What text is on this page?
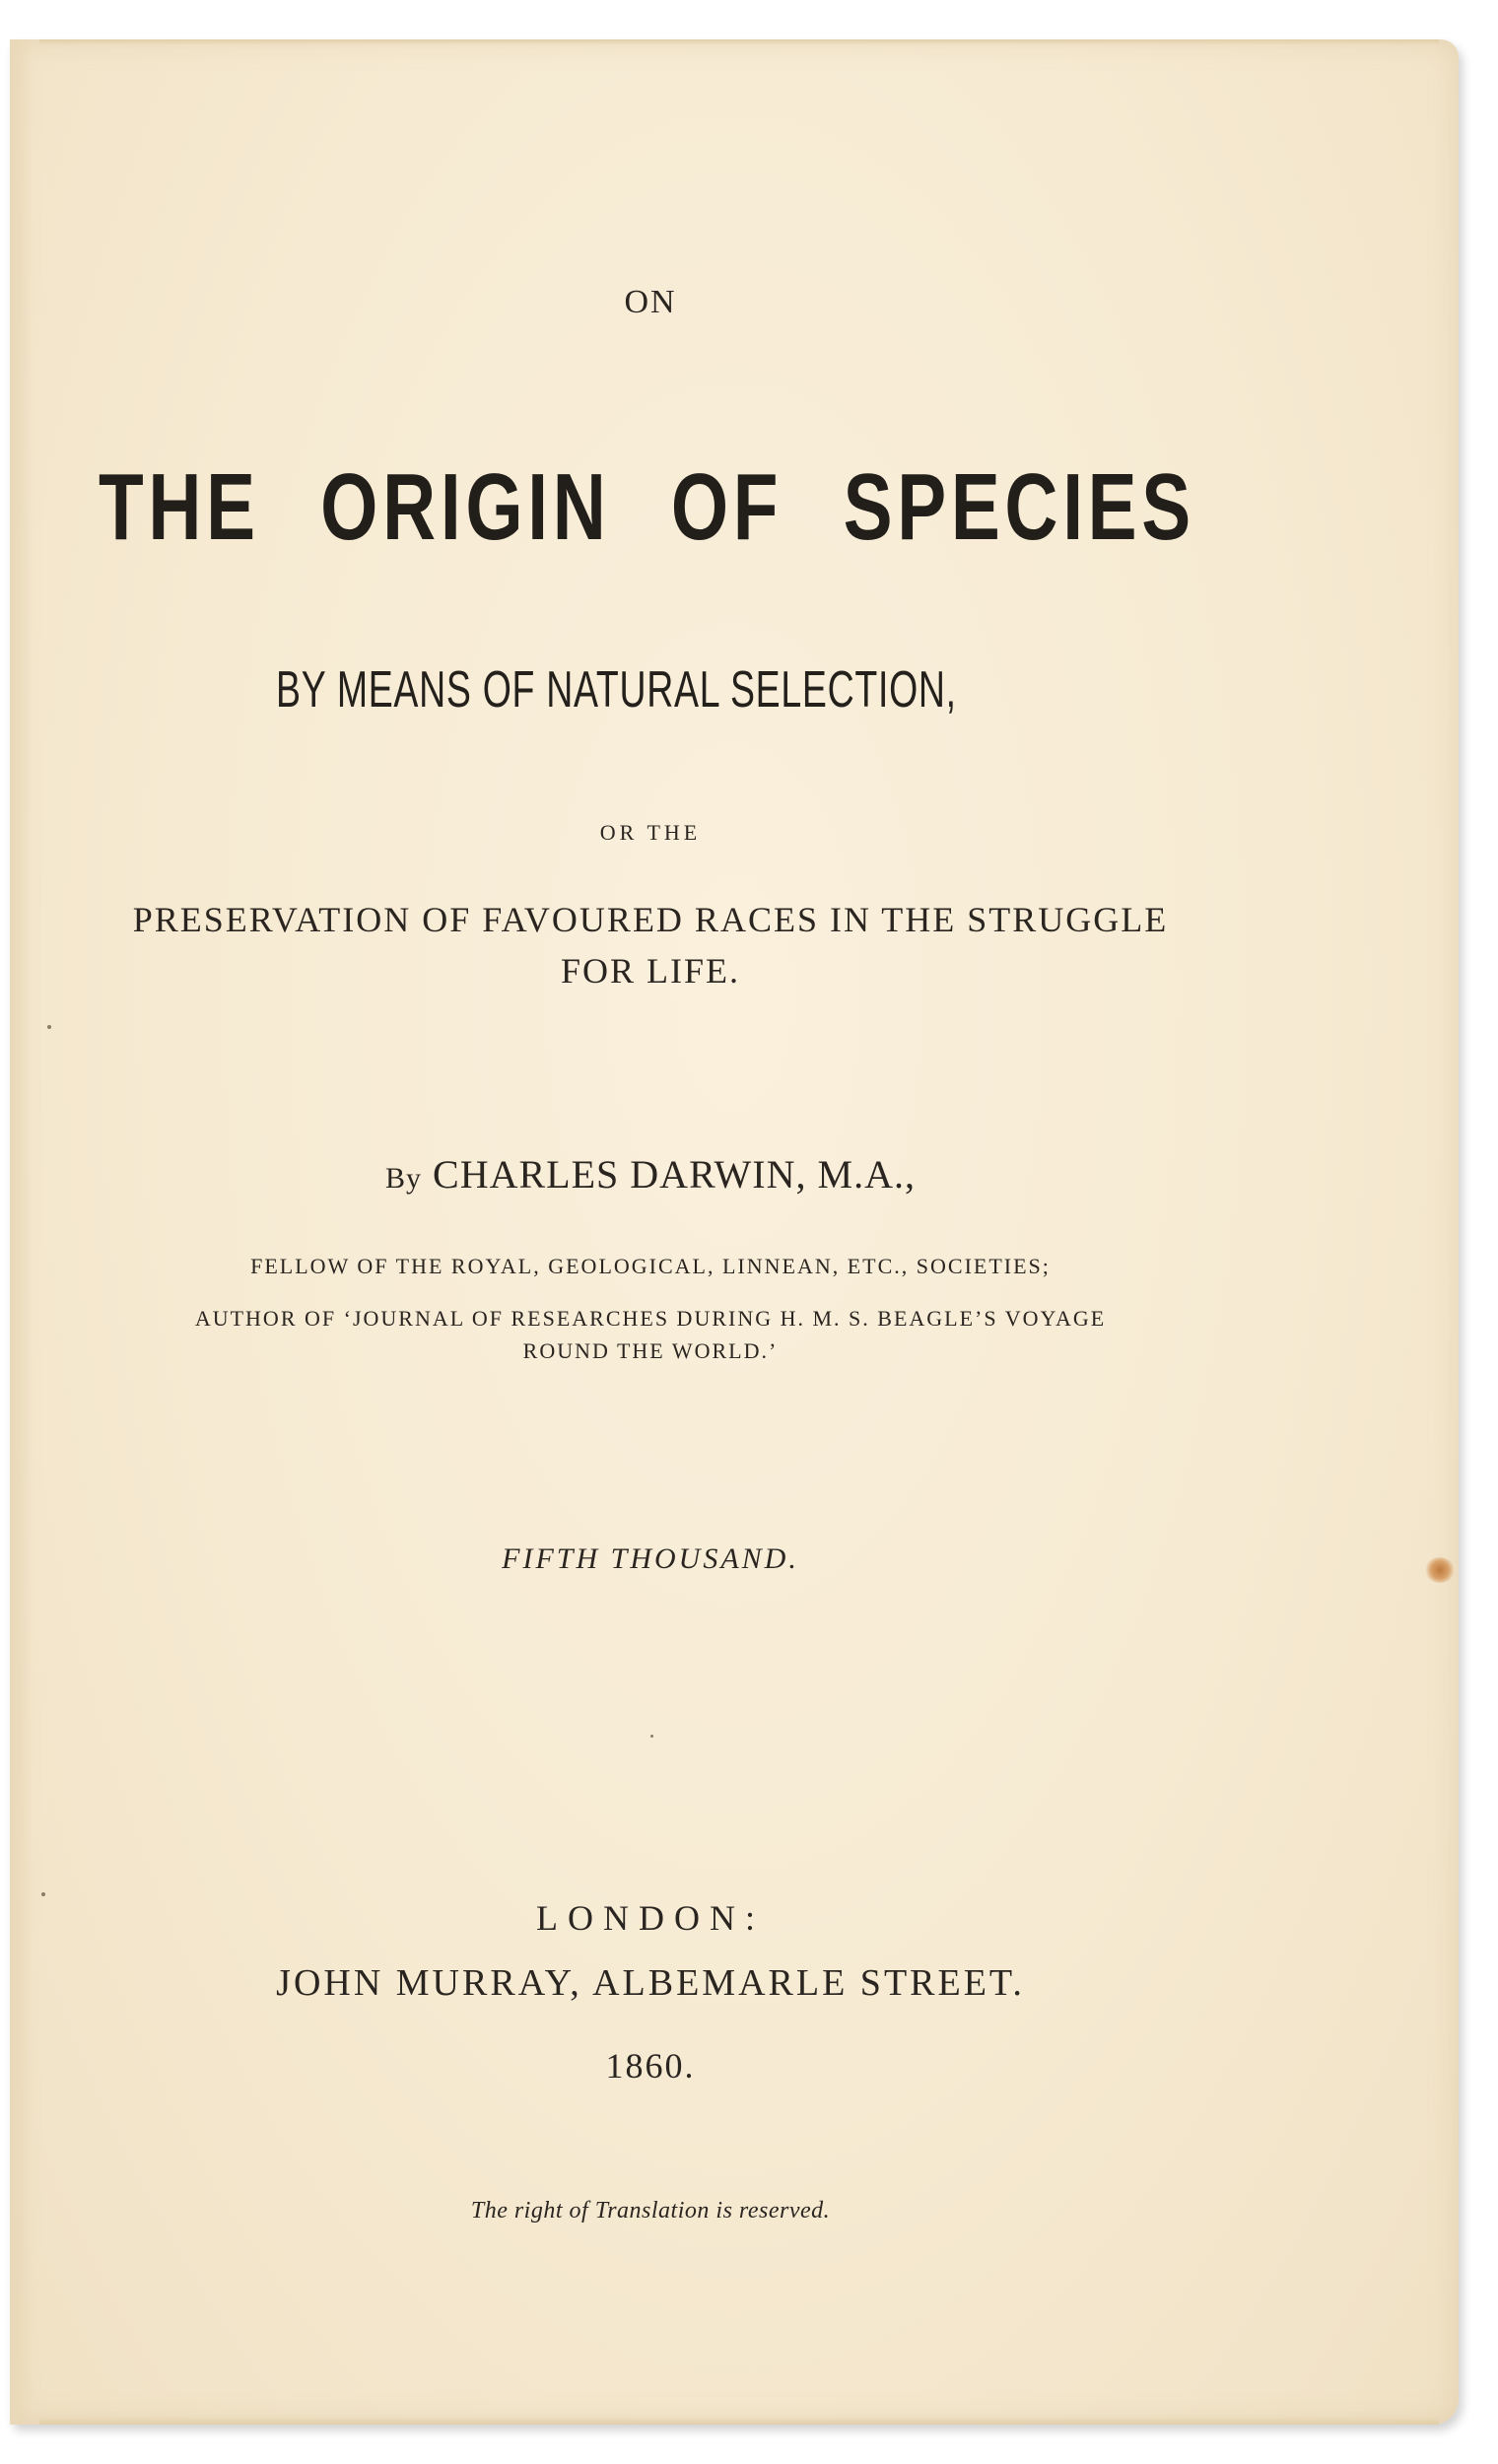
ON
THE ORIGIN OF SPECIES
BY MEANS OF NATURAL SELECTION,
OR THE
PRESERVATION OF FAVOURED RACES IN THE STRUGGLE
FOR LIFE.
By CHARLES DARWIN, M.A.,
FELLOW OF THE ROYAL, GEOLOGICAL, LINNEAN, ETC., SOCIETIES;
AUTHOR OF ‘JOURNAL OF RESEARCHES DURING H. M. S. BEAGLE’S VOYAGE
ROUND THE WORLD.’
FIFTH THOUSAND.
LONDON:
JOHN MURRAY, ALBEMARLE STREET.
1860.
The right of Translation is reserved.
